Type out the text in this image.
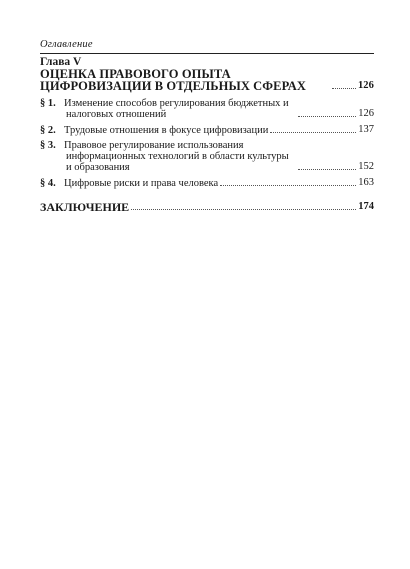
Оглавление
Глава V
ОЦЕНКА ПРАВОВОГО ОПЫТА ЦИФРОВИЗАЦИИ В ОТДЕЛЬНЫХ СФЕРАХ	126
§ 1. Изменение способов регулирования бюджетных и налоговых отношений	126
§ 2. Трудовые отношения в фокусе цифровизации	137
§ 3. Правовое регулирование использования информационных технологий в области культуры и образования	152
§ 4. Цифровые риски и права человека	163
ЗАКЛЮЧЕНИЕ	174
